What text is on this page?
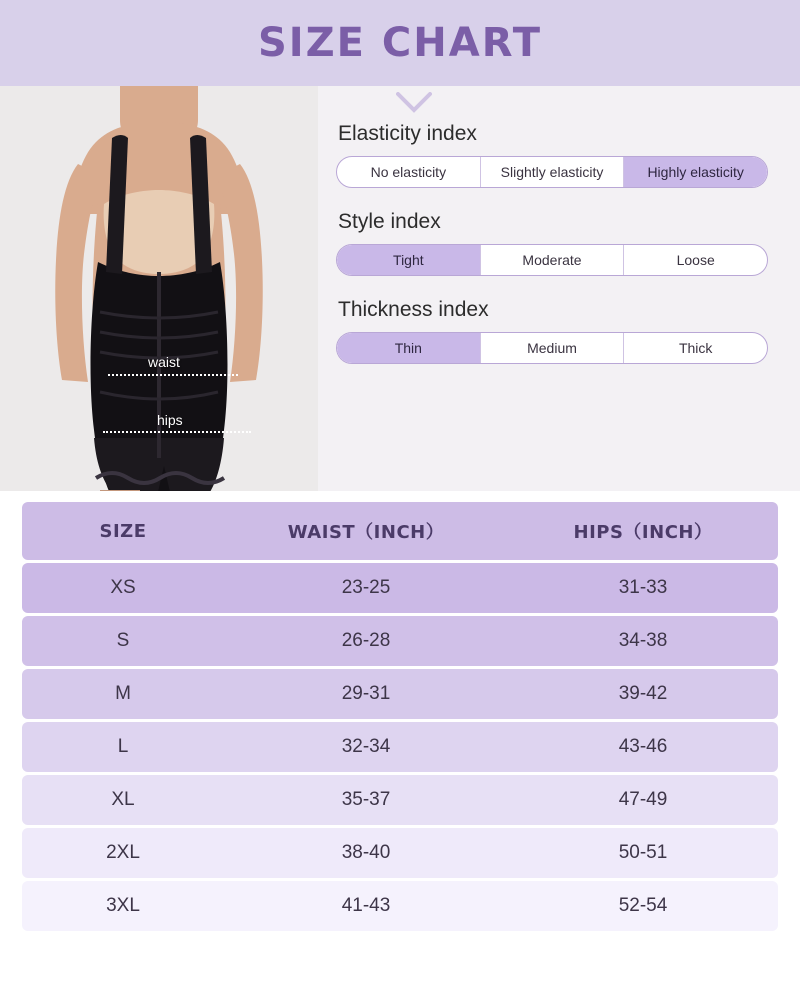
SIZE CHART
waist
hips
Elasticity index
No elasticity	Slightly elasticity	Highly elasticity
Style index
Tight	Moderate	Loose
Thickness index
Thin	Medium	Thick
SIZE	WAIST（INCH）	HIPS（INCH）
XS	23-25	31-33
S	26-28	34-38
M	29-31	39-42
L	32-34	43-46
XL	35-37	47-49
2XL	38-40	50-51
3XL	41-43	52-54
